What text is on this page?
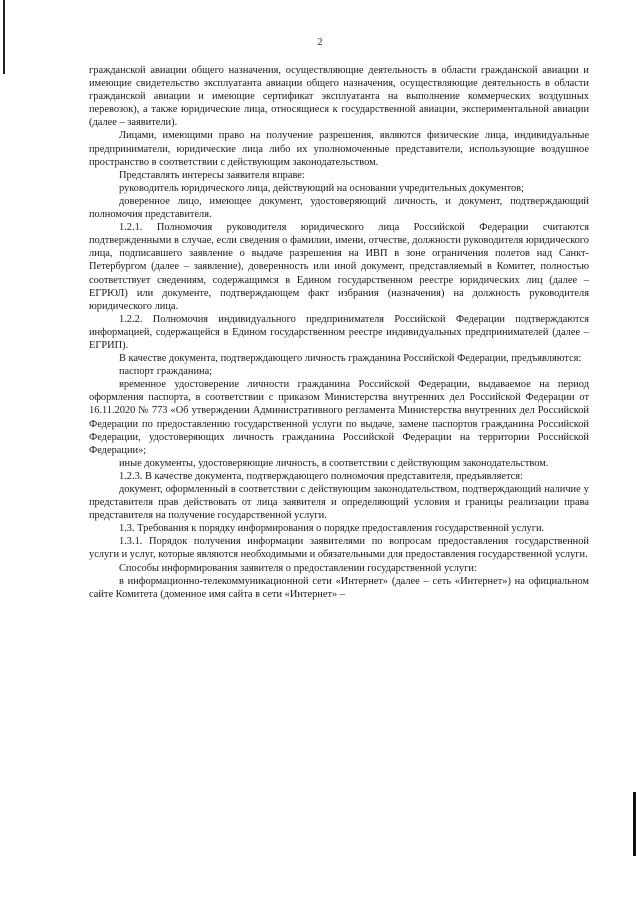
2

гражданской авиации общего назначения, осуществляющие деятельность в области гражданской авиации и имеющие свидетельство эксплуатанта авиации общего назначения, осуществляющие деятельность в области гражданской авиации и имеющие сертификат эксплуатанта на выполнение коммерческих воздушных перевозок), а также юридические лица, относящиеся к государственной авиации, экспериментальной авиации (далее – заявители).

Лицами, имеющими право на получение разрешения, являются физические лица, индивидуальные предприниматели, юридические лица либо их уполномоченные представители, использующие воздушное пространство в соответствии с действующим законодательством.

Представлять интересы заявителя вправе:

руководитель юридического лица, действующий на основании учредительных документов;

доверенное лицо, имеющее документ, удостоверяющий личность, и документ, подтверждающий полномочия представителя.

1.2.1. Полномочия руководителя юридического лица Российской Федерации считаются подтвержденными в случае, если сведения о фамилии, имени, отчестве, должности руководителя юридического лица, подписавшего заявление о выдаче разрешения на ИВП в зоне ограничения полетов над Санкт-Петербургом (далее – заявление), доверенность или иной документ, представляемый в Комитет, полностью соответствует сведениям, содержащимся в Едином государственном реестре юридических лиц (далее – ЕГРЮЛ) или документе, подтверждающем факт избрания (назначения) на должность руководителя юридического лица.

1.2.2. Полномочия индивидуального предпринимателя Российской Федерации подтверждаются информацией, содержащейся в Едином государственном реестре индивидуальных предпринимателей (далее – ЕГРИП).

В качестве документа, подтверждающего личность гражданина Российской Федерации, предъявляются:

паспорт гражданина;

временное удостоверение личности гражданина Российской Федерации, выдаваемое на период оформления паспорта, в соответствии с приказом Министерства внутренних дел Российской Федерации от 16.11.2020 № 773 «Об утверждении Административного регламента Министерства внутренних дел Российской Федерации по предоставлению государственной услуги по выдаче, замене паспортов гражданина Российской Федерации, удостоверяющих личность гражданина Российской Федерации на территории Российской Федерации»;

иные документы, удостоверяющие личность, в соответствии с действующим законодательством.

1.2.3. В качестве документа, подтверждающего полномочия представителя, предъявляется:

документ, оформленный в соответствии с действующим законодательством, подтверждающий наличие у представителя прав действовать от лица заявителя и определяющий условия и границы реализации права представителя на получение государственной услуги.

1.3. Требования к порядку информирования о порядке предоставления государственной услуги.

1.3.1. Порядок получения информации заявителями по вопросам предоставления государственной услуги и услуг, которые являются необходимыми и обязательными для предоставления государственной услуги.

Способы информирования заявителя о предоставлении государственной услуги:

в информационно-телекоммуникационной сети «Интернет» (далее – сеть «Интернет») на официальном сайте Комитета (доменное имя сайта в сети «Интернет» –
